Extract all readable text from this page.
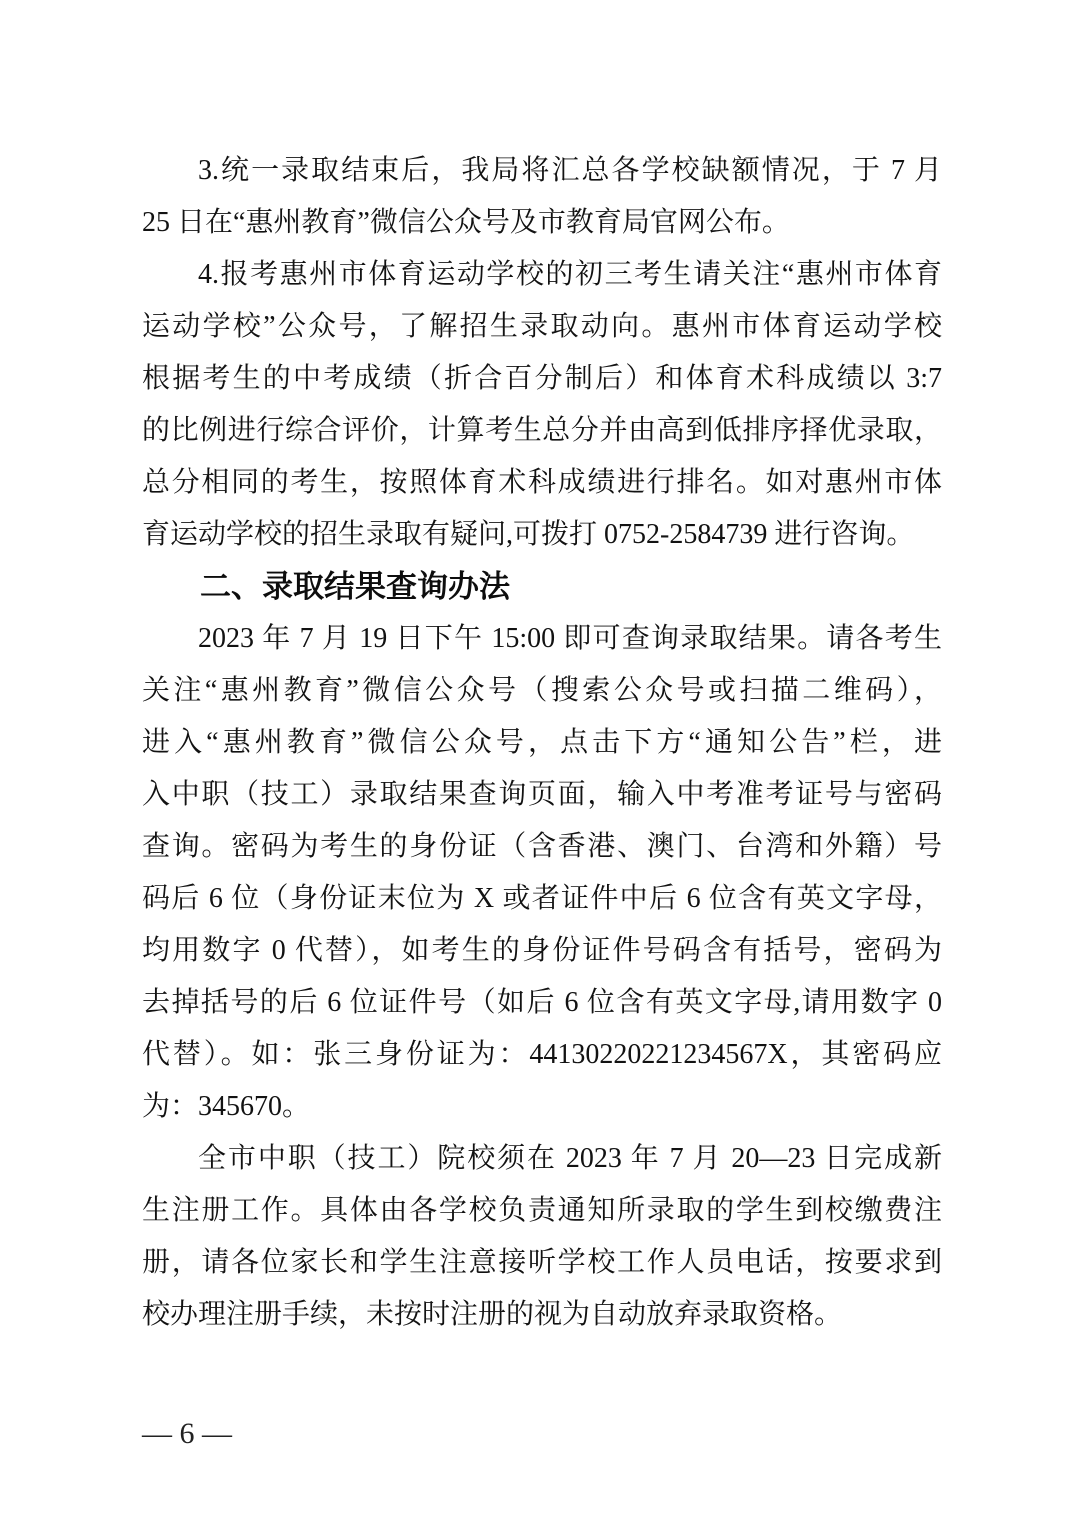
3.统一录取结束后，我局将汇总各学校缺额情况，于 7 月
25 日在“惠州教育”微信公众号及市教育局官网公布。
4.报考惠州市体育运动学校的初三考生请关注“惠州市体育
运动学校”公众号，了解招生录取动向。惠州市体育运动学校
根据考生的中考成绩（折合百分制后）和体育术科成绩以 3:7
的比例进行综合评价，计算考生总分并由高到低排序择优录取，
总分相同的考生，按照体育术科成绩进行排名。如对惠州市体
育运动学校的招生录取有疑问,可拨打 0752-2584739 进行咨询。
二、录取结果查询办法
2023 年 7 月 19 日下午 15:00 即可查询录取结果。请各考生
关注“惠州教育”微信公众号（搜索公众号或扫描二维码），
进入“惠州教育”微信公众号，点击下方“通知公告”栏，进
入中职（技工）录取结果查询页面，输入中考准考证号与密码
查询。密码为考生的身份证（含香港、澳门、台湾和外籍）号
码后 6 位（身份证末位为 X 或者证件中后 6 位含有英文字母，
均用数字 0 代替），如考生的身份证件号码含有括号，密码为
去掉括号的后 6 位证件号（如后 6 位含有英文字母,请用数字 0
代替）。如：张三身份证为：44130220221234567X，其密码应
为：345670。
全市中职（技工）院校须在 2023 年 7 月 20—23 日完成新
生注册工作。具体由各学校负责通知所录取的学生到校缴费注
册，请各位家长和学生注意接听学校工作人员电话，按要求到
校办理注册手续，未按时注册的视为自动放弃录取资格。
— 6 —
